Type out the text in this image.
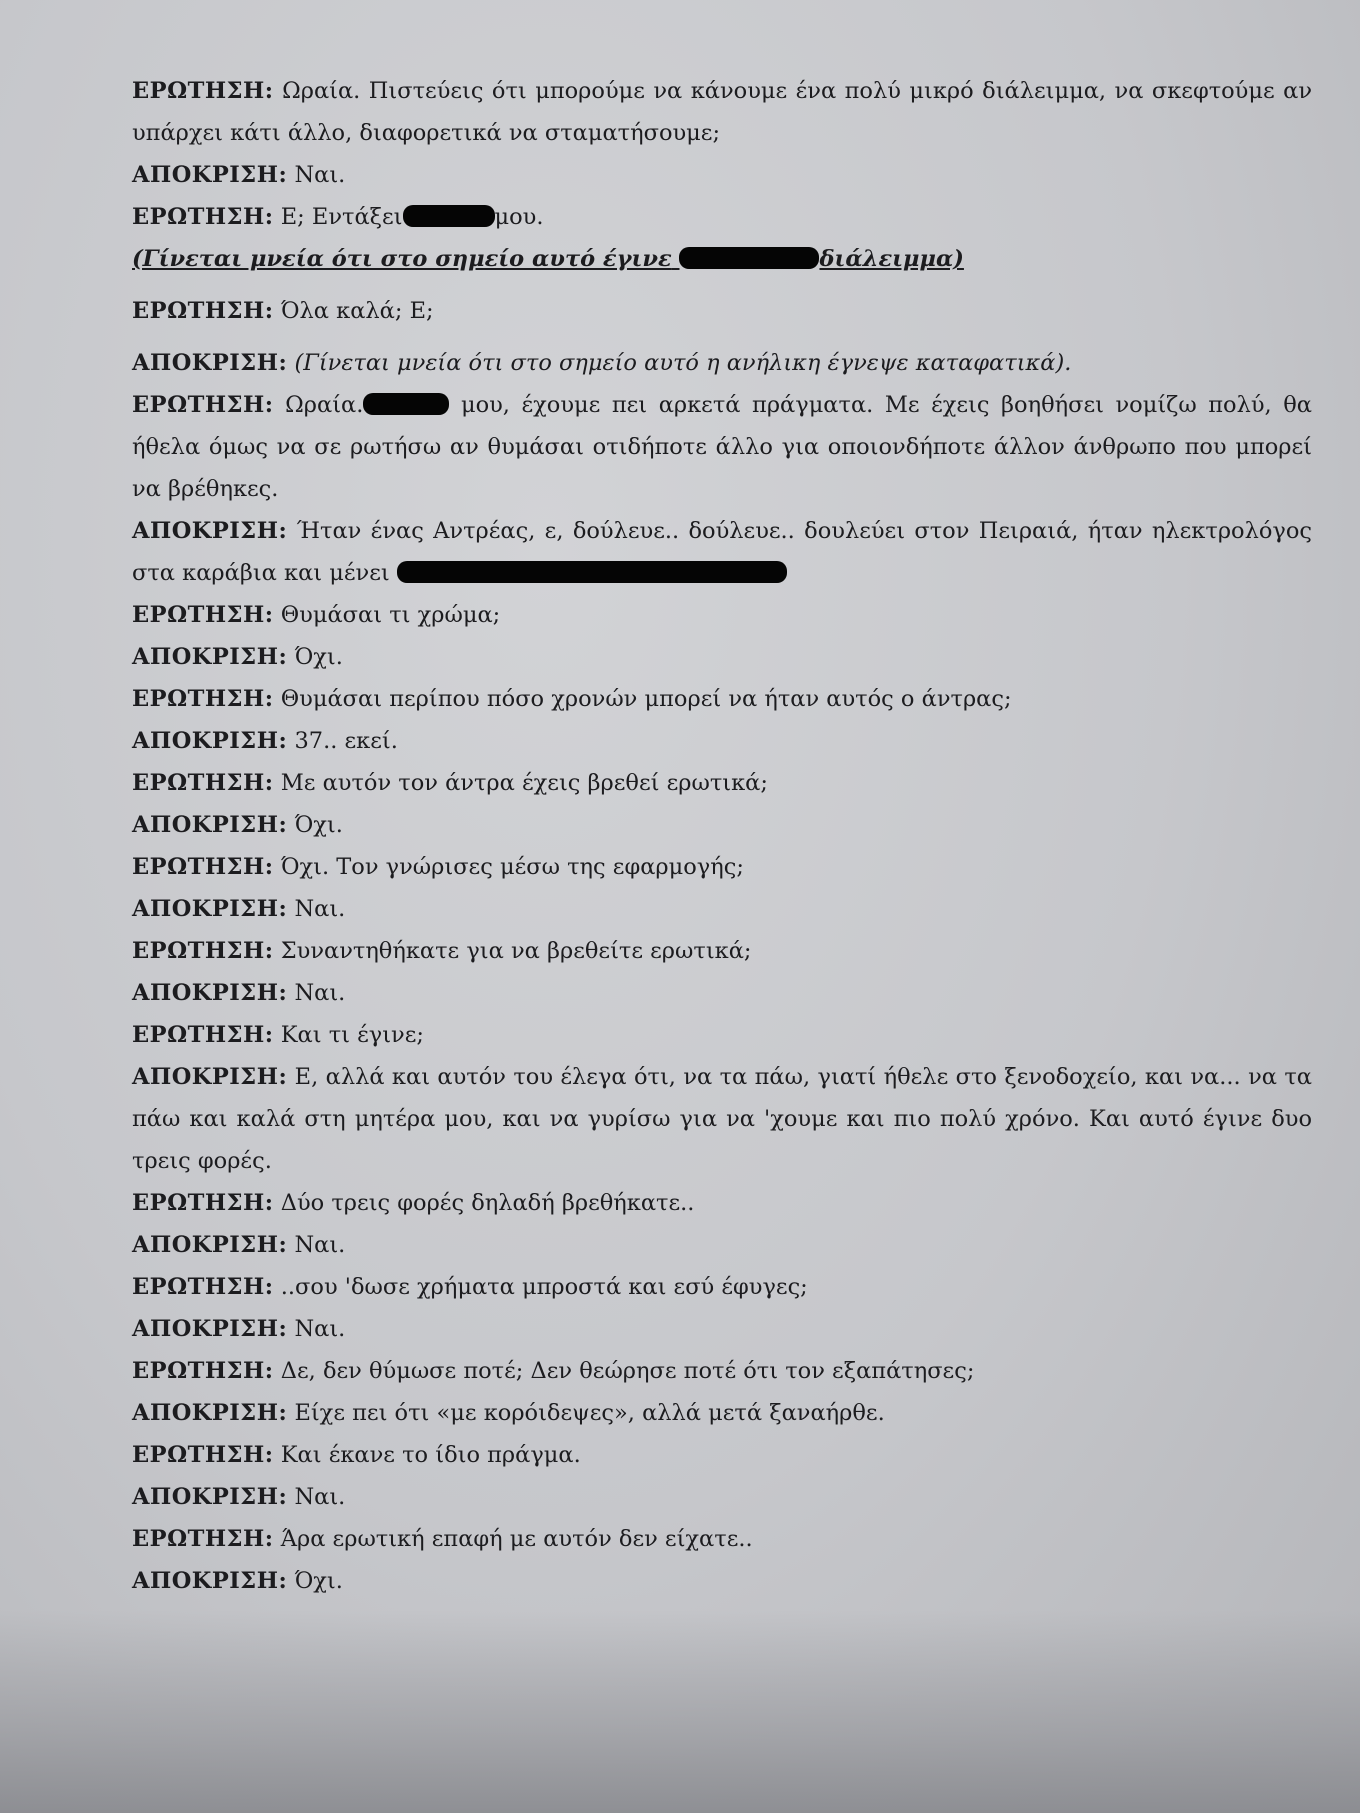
ΕΡΩΤΗΣΗ: Ωραία. Πιστεύεις ότι μπορούμε να κάνουμε ένα πολύ μικρό διάλειμμα, να σκεφτούμε αν υπάρχει κάτι άλλο, διαφορετικά να σταματήσουμε;

ΑΠΟΚΡΙΣΗ: Ναι.

ΕΡΩΤΗΣΗ: Ε; Εντάξει	μου.

(Γίνεται μνεία ότι στο σημείο αυτό έγινε	διάλειμμα)

ΕΡΩΤΗΣΗ: Όλα καλά; Ε;

ΑΠΟΚΡΙΣΗ: (Γίνεται μνεία ότι στο σημείο αυτό η ανήλικη έγνεψε καταφατικά).

ΕΡΩΤΗΣΗ: Ωραία.	μου, έχουμε πει αρκετά πράγματα. Με έχεις βοηθήσει νομίζω πολύ, θα ήθελα όμως να σε ρωτήσω αν θυμάσαι οτιδήποτε άλλο για οποιονδήποτε άλλον άνθρωπο που μπορεί να βρέθηκες.

ΑΠΟΚΡΙΣΗ: Ήταν ένας Αντρέας, ε, δούλευε.. δούλευε.. δουλεύει στον Πειραιά, ήταν ηλεκτρολόγος στα καράβια και μένει

ΕΡΩΤΗΣΗ: Θυμάσαι τι χρώμα;

ΑΠΟΚΡΙΣΗ: Όχι.

ΕΡΩΤΗΣΗ: Θυμάσαι περίπου πόσο χρονών μπορεί να ήταν αυτός ο άντρας;

ΑΠΟΚΡΙΣΗ: 37.. εκεί.

ΕΡΩΤΗΣΗ: Με αυτόν τον άντρα έχεις βρεθεί ερωτικά;

ΑΠΟΚΡΙΣΗ: Όχι.

ΕΡΩΤΗΣΗ: Όχι. Τον γνώρισες μέσω της εφαρμογής;

ΑΠΟΚΡΙΣΗ: Ναι.

ΕΡΩΤΗΣΗ: Συναντηθήκατε για να βρεθείτε ερωτικά;

ΑΠΟΚΡΙΣΗ: Ναι.

ΕΡΩΤΗΣΗ: Και τι έγινε;

ΑΠΟΚΡΙΣΗ: Ε, αλλά και αυτόν του έλεγα ότι, να τα πάω, γιατί ήθελε στο ξενοδοχείο, και να... να τα πάω και καλά στη μητέρα μου, και να γυρίσω για να 'χουμε και πιο πολύ χρόνο. Και αυτό έγινε δυο τρεις φορές.

ΕΡΩΤΗΣΗ: Δύο τρεις φορές δηλαδή βρεθήκατε..

ΑΠΟΚΡΙΣΗ: Ναι.

ΕΡΩΤΗΣΗ: ..σου 'δωσε χρήματα μπροστά και εσύ έφυγες;

ΑΠΟΚΡΙΣΗ: Ναι.

ΕΡΩΤΗΣΗ: Δε, δεν θύμωσε ποτέ; Δεν θεώρησε ποτέ ότι τον εξαπάτησες;

ΑΠΟΚΡΙΣΗ: Είχε πει ότι «με κορόιδεψες», αλλά μετά ξαναήρθε.

ΕΡΩΤΗΣΗ: Και έκανε το ίδιο πράγμα.

ΑΠΟΚΡΙΣΗ: Ναι.

ΕΡΩΤΗΣΗ: Άρα ερωτική επαφή με αυτόν δεν είχατε..

ΑΠΟΚΡΙΣΗ: Όχι.
